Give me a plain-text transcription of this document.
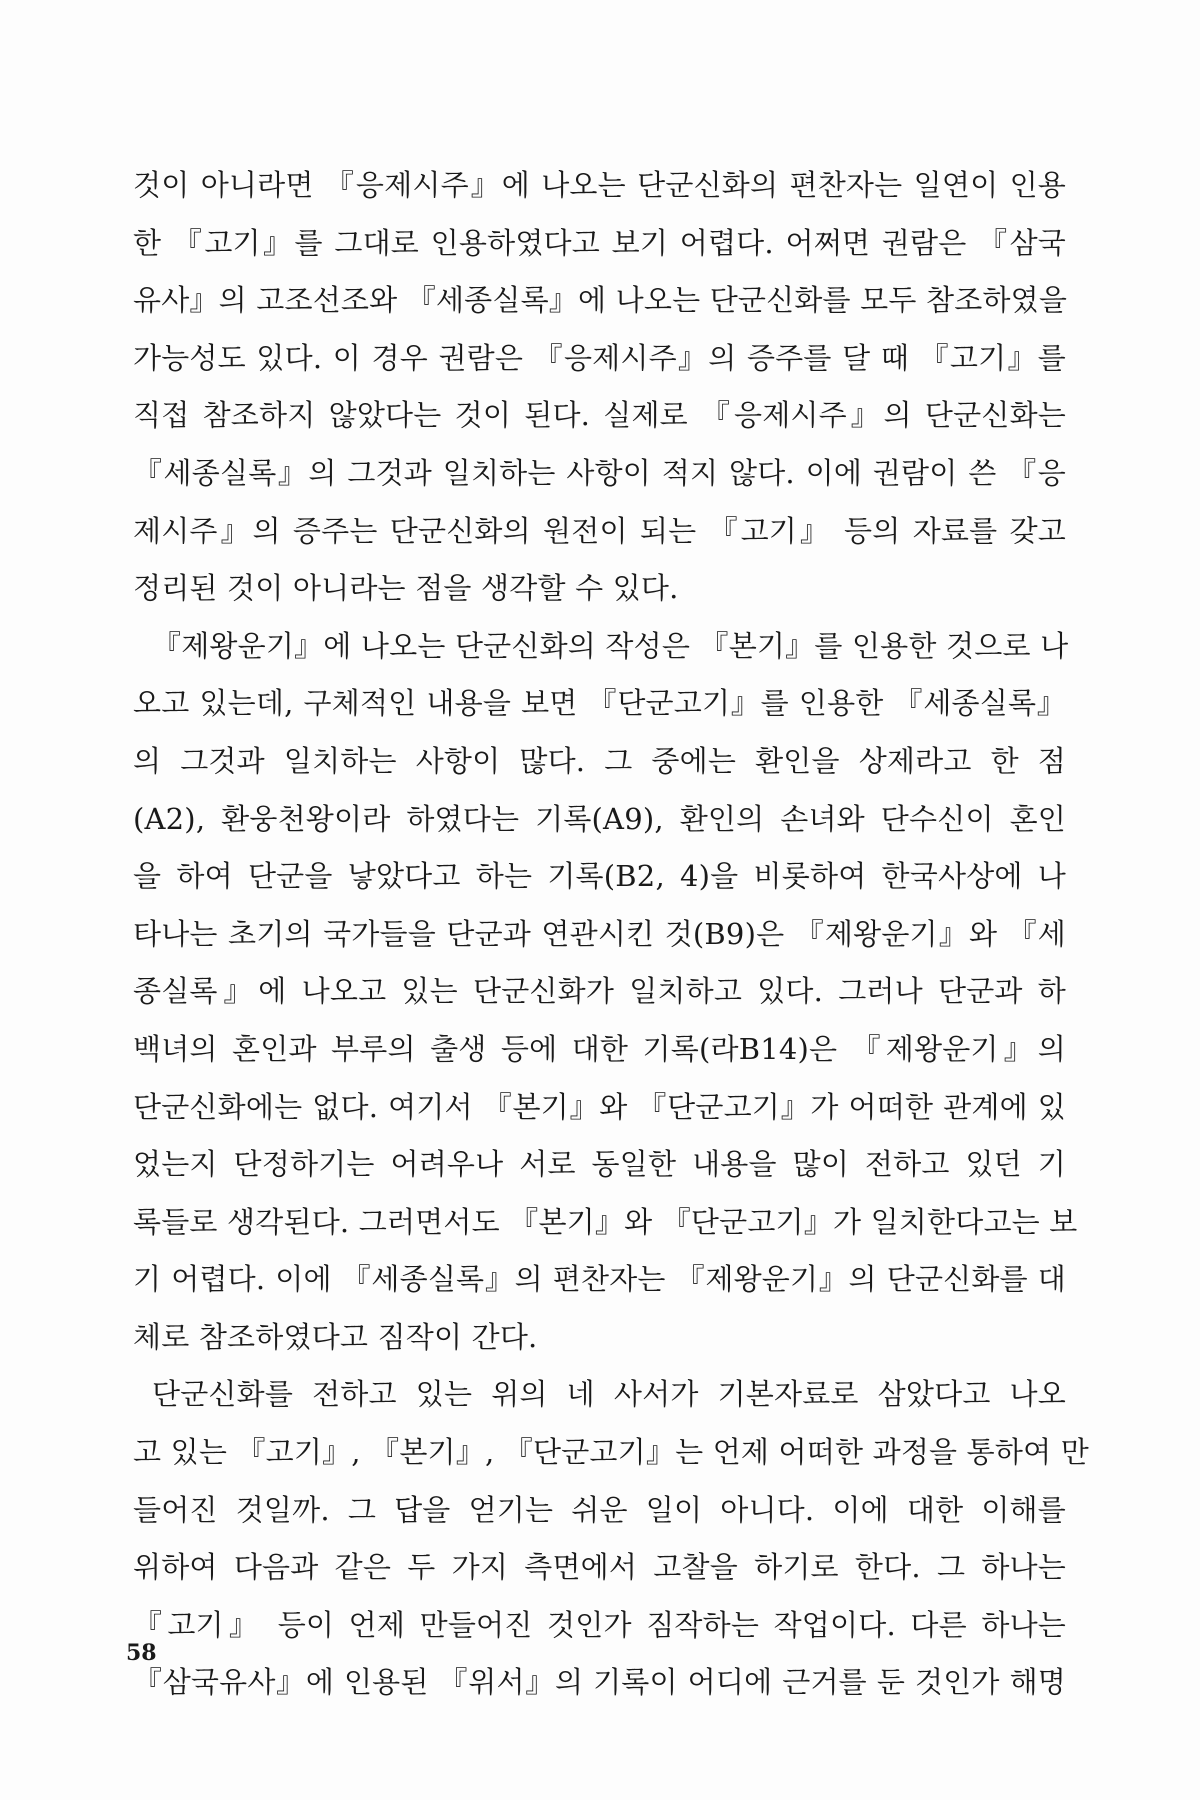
것이 아니라면 『응제시주』에 나오는 단군신화의 편찬자는 일연이 인용
한 『고기』를 그대로 인용하였다고 보기 어렵다. 어쩌면 권람은 『삼국
유사』의 고조선조와 『세종실록』에 나오는 단군신화를 모두 참조하였을
가능성도 있다. 이 경우 권람은 『응제시주』의 증주를 달 때 『고기』를
직접 참조하지 않았다는 것이 된다. 실제로 『응제시주』의 단군신화는
『세종실록』의 그것과 일치하는 사항이 적지 않다. 이에 권람이 쓴 『응
제시주』의 증주는 단군신화의 원전이 되는 『고기』 등의 자료를 갖고
정리된 것이 아니라는 점을 생각할 수 있다.
『제왕운기』에 나오는 단군신화의 작성은 『본기』를 인용한 것으로 나
오고 있는데, 구체적인 내용을 보면 『단군고기』를 인용한 『세종실록』
의 그것과 일치하는 사항이 많다. 그 중에는 환인을 상제라고 한 점
(A2), 환웅천왕이라 하였다는 기록(A9), 환인의 손녀와 단수신이 혼인
을 하여 단군을 낳았다고 하는 기록(B2, 4)을 비롯하여 한국사상에 나
타나는 초기의 국가들을 단군과 연관시킨 것(B9)은 『제왕운기』와 『세
종실록』에 나오고 있는 단군신화가 일치하고 있다. 그러나 단군과 하
백녀의 혼인과 부루의 출생 등에 대한 기록(라B14)은 『제왕운기』의
단군신화에는 없다. 여기서 『본기』와 『단군고기』가 어떠한 관계에 있
었는지 단정하기는 어려우나 서로 동일한 내용을 많이 전하고 있던 기
록들로 생각된다. 그러면서도 『본기』와 『단군고기』가 일치한다고는 보
기 어렵다. 이에 『세종실록』의 편찬자는 『제왕운기』의 단군신화를 대
체로 참조하였다고 짐작이 간다.
단군신화를 전하고 있는 위의 네 사서가 기본자료로 삼았다고 나오
고 있는 『고기』, 『본기』, 『단군고기』는 언제 어떠한 과정을 통하여 만
들어진 것일까. 그 답을 얻기는 쉬운 일이 아니다. 이에 대한 이해를
위하여 다음과 같은 두 가지 측면에서 고찰을 하기로 한다. 그 하나는
『고기』 등이 언제 만들어진 것인가 짐작하는 작업이다. 다른 하나는
『삼국유사』에 인용된 『위서』의 기록이 어디에 근거를 둔 것인가 해명
58
